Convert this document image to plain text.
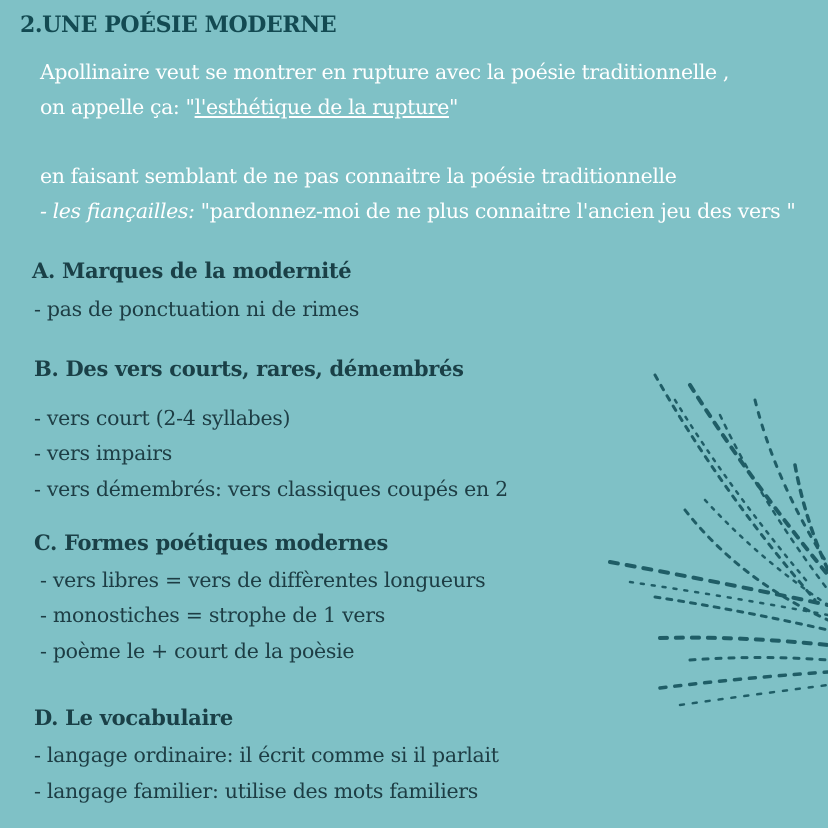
2.UNE POÉSIE MODERNE
Apollinaire veut se montrer en rupture avec la poésie traditionnelle ,
on appelle ça: "l'esthétique de la rupture"
en faisant semblant de ne pas connaitre la poésie traditionnelle
- les fiançailles: "pardonnez-moi de ne plus connaitre l'ancien jeu des vers "
A. Marques de la modernité
- pas de ponctuation ni de rimes
B. Des vers courts, rares, démembrés
- vers court (2-4 syllabes)
- vers impairs
- vers démembrés: vers classiques coupés en 2
C. Formes poétiques modernes
- vers libres = vers de diffèrentes longueurs
- monostiches = strophe de 1 vers
- poème le + court de la poèsie
D. Le vocabulaire
- langage ordinaire: il écrit comme si il parlait
- langage familier: utilise des mots familiers
